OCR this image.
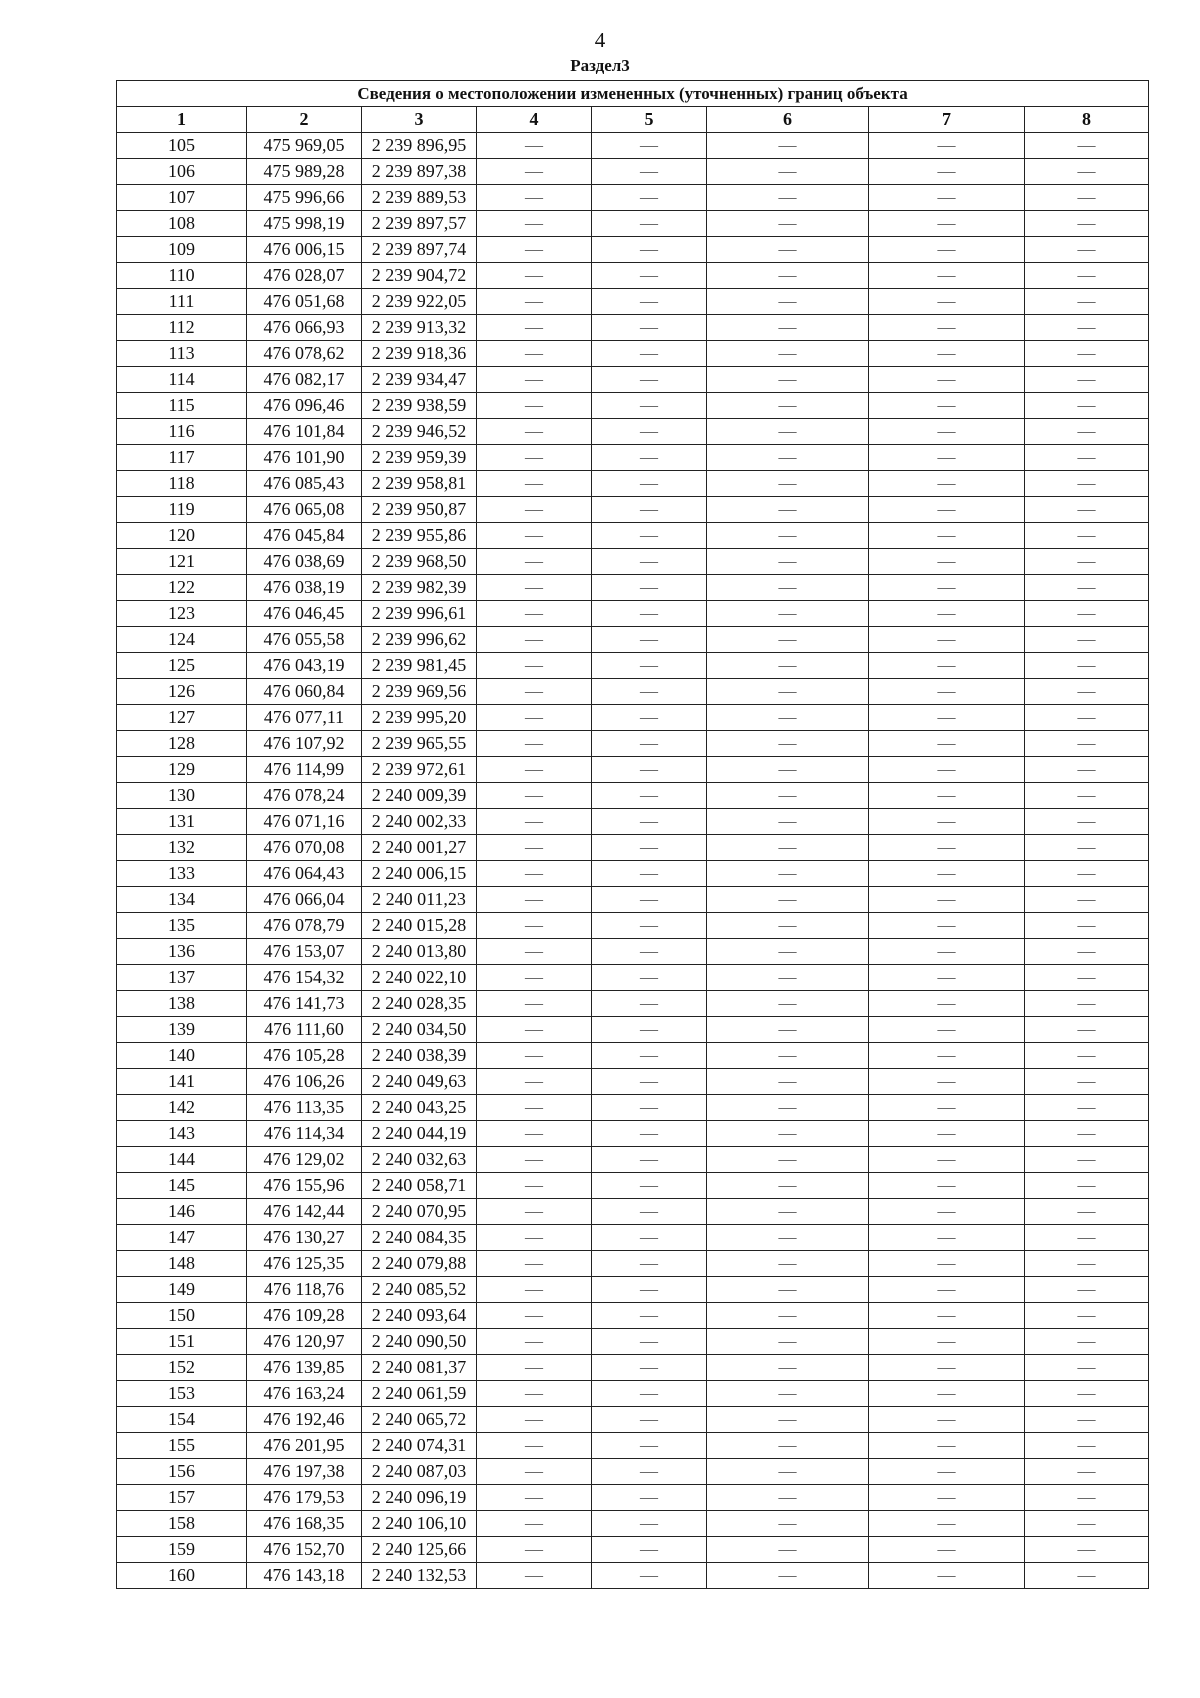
4
Раздел3
Сведения о местоположении измененных (уточненных) границ объекта							
1	2	3	4	5	6	7	8
105	475 969,05	2 239 896,95	—	—	—	—	—
106	475 989,28	2 239 897,38	—	—	—	—	—
107	475 996,66	2 239 889,53	—	—	—	—	—
108	475 998,19	2 239 897,57	—	—	—	—	—
109	476 006,15	2 239 897,74	—	—	—	—	—
110	476 028,07	2 239 904,72	—	—	—	—	—
111	476 051,68	2 239 922,05	—	—	—	—	—
112	476 066,93	2 239 913,32	—	—	—	—	—
113	476 078,62	2 239 918,36	—	—	—	—	—
114	476 082,17	2 239 934,47	—	—	—	—	—
115	476 096,46	2 239 938,59	—	—	—	—	—
116	476 101,84	2 239 946,52	—	—	—	—	—
117	476 101,90	2 239 959,39	—	—	—	—	—
118	476 085,43	2 239 958,81	—	—	—	—	—
119	476 065,08	2 239 950,87	—	—	—	—	—
120	476 045,84	2 239 955,86	—	—	—	—	—
121	476 038,69	2 239 968,50	—	—	—	—	—
122	476 038,19	2 239 982,39	—	—	—	—	—
123	476 046,45	2 239 996,61	—	—	—	—	—
124	476 055,58	2 239 996,62	—	—	—	—	—
125	476 043,19	2 239 981,45	—	—	—	—	—
126	476 060,84	2 239 969,56	—	—	—	—	—
127	476 077,11	2 239 995,20	—	—	—	—	—
128	476 107,92	2 239 965,55	—	—	—	—	—
129	476 114,99	2 239 972,61	—	—	—	—	—
130	476 078,24	2 240 009,39	—	—	—	—	—
131	476 071,16	2 240 002,33	—	—	—	—	—
132	476 070,08	2 240 001,27	—	—	—	—	—
133	476 064,43	2 240 006,15	—	—	—	—	—
134	476 066,04	2 240 011,23	—	—	—	—	—
135	476 078,79	2 240 015,28	—	—	—	—	—
136	476 153,07	2 240 013,80	—	—	—	—	—
137	476 154,32	2 240 022,10	—	—	—	—	—
138	476 141,73	2 240 028,35	—	—	—	—	—
139	476 111,60	2 240 034,50	—	—	—	—	—
140	476 105,28	2 240 038,39	—	—	—	—	—
141	476 106,26	2 240 049,63	—	—	—	—	—
142	476 113,35	2 240 043,25	—	—	—	—	—
143	476 114,34	2 240 044,19	—	—	—	—	—
144	476 129,02	2 240 032,63	—	—	—	—	—
145	476 155,96	2 240 058,71	—	—	—	—	—
146	476 142,44	2 240 070,95	—	—	—	—	—
147	476 130,27	2 240 084,35	—	—	—	—	—
148	476 125,35	2 240 079,88	—	—	—	—	—
149	476 118,76	2 240 085,52	—	—	—	—	—
150	476 109,28	2 240 093,64	—	—	—	—	—
151	476 120,97	2 240 090,50	—	—	—	—	—
152	476 139,85	2 240 081,37	—	—	—	—	—
153	476 163,24	2 240 061,59	—	—	—	—	—
154	476 192,46	2 240 065,72	—	—	—	—	—
155	476 201,95	2 240 074,31	—	—	—	—	—
156	476 197,38	2 240 087,03	—	—	—	—	—
157	476 179,53	2 240 096,19	—	—	—	—	—
158	476 168,35	2 240 106,10	—	—	—	—	—
159	476 152,70	2 240 125,66	—	—	—	—	—
160	476 143,18	2 240 132,53	—	—	—	—	—
